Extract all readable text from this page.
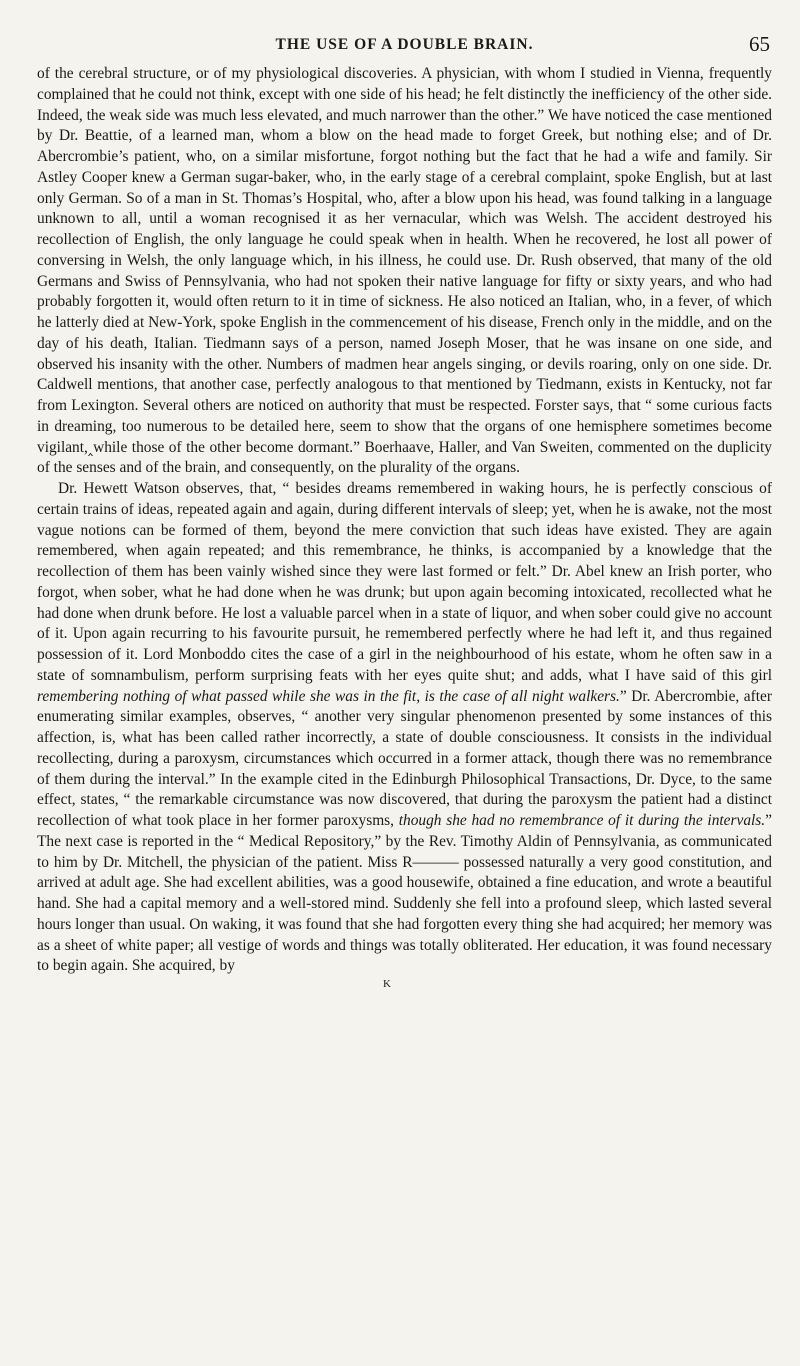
THE USE OF A DOUBLE BRAIN.	65

of the cerebral structure, or of my physiological discoveries. A physician, with whom I studied in Vienna, frequently complained that he could not think, except with one side of his head; he felt distinctly the inefficiency of the other side. Indeed, the weak side was much less elevated, and much narrower than the other.” We have noticed the case mentioned by Dr. Beattie, of a learned man, whom a blow on the head made to forget Greek, but nothing else; and of Dr. Abercrombie’s patient, who, on a similar misfortune, forgot nothing but the fact that he had a wife and family. Sir Astley Cooper knew a German sugar-baker, who, in the early stage of a cerebral complaint, spoke English, but at last only German. So of a man in St. Thomas’s Hospital, who, after a blow upon his head, was found talking in a language unknown to all, until a woman recognised it as her vernacular, which was Welsh. The accident destroyed his recollection of English, the only language he could speak when in health. When he recovered, he lost all power of conversing in Welsh, the only language which, in his illness, he could use. Dr. Rush observed, that many of the old Germans and Swiss of Pennsylvania, who had not spoken their native language for fifty or sixty years, and who had probably forgotten it, would often return to it in time of sickness. He also noticed an Italian, who, in a fever, of which he latterly died at New-York, spoke English in the commencement of his disease, French only in the middle, and on the day of his death, Italian. Tiedmann says of a person, named Joseph Moser, that he was insane on one side, and observed his insanity with the other. Numbers of madmen hear angels singing, or devils roaring, only on one side. Dr. Caldwell mentions, that another case, perfectly analogous to that mentioned by Tiedmann, exists in Kentucky, not far from Lexington. Several others are noticed on authority that must be respected. Forster says, that “ some curious facts in dreaming, too numerous to be detailed here, seem to show that the organs of one hemisphere sometimes become vigilant,‸while those of the other become dormant.” Boerhaave, Haller, and Van Sweiten, commented on the duplicity of the senses and of the brain, and consequently, on the plurality of the organs.

Dr. Hewett Watson observes, that, “ besides dreams remembered in waking hours, he is perfectly conscious of certain trains of ideas, repeated again and again, during different intervals of sleep; yet, when he is awake, not the most vague notions can be formed of them, beyond the mere conviction that such ideas have existed. They are again remembered, when again repeated; and this remembrance, he thinks, is accompanied by a knowledge that the recollection of them has been vainly wished since they were last formed or felt.” Dr. Abel knew an Irish porter, who forgot, when sober, what he had done when he was drunk; but upon again becoming intoxicated, recollected what he had done when drunk before. He lost a valuable parcel when in a state of liquor, and when sober could give no account of it. Upon again recurring to his favourite pursuit, he remembered perfectly where he had left it, and thus regained possession of it. Lord Monboddo cites the case of a girl in the neighbourhood of his estate, whom he often saw in a state of somnambulism, perform surprising feats with her eyes quite shut; and adds, what I have said of this girl remembering nothing of what passed while she was in the fit, is the case of all night walkers.” Dr. Abercrombie, after enumerating similar examples, observes, “ another very singular phenomenon presented by some instances of this affection, is, what has been called rather incorrectly, a state of double consciousness. It consists in the individual recollecting, during a paroxysm, circumstances which occurred in a former attack, though there was no remembrance of them during the interval.” In the example cited in the Edinburgh Philosophical Transactions, Dr. Dyce, to the same effect, states, “ the remarkable circumstance was now discovered, that during the paroxysm the patient had a distinct recollection of what took place in her former paroxysms, though she had no remembrance of it during the intervals.” The next case is reported in the “ Medical Repository,” by the Rev. Timothy Aldin of Pennsylvania, as communicated to him by Dr. Mitchell, the physician of the patient. Miss R——— possessed naturally a very good constitution, and arrived at adult age. She had excellent abilities, was a good housewife, obtained a fine education, and wrote a beautiful hand. She had a capital memory and a well-stored mind. Suddenly she fell into a profound sleep, which lasted several hours longer than usual. On waking, it was found that she had forgotten every thing she had acquired; her memory was as a sheet of white paper; all vestige of words and things was totally obliterated. Her education, it was found necessary to begin again. She acquired, by

K
